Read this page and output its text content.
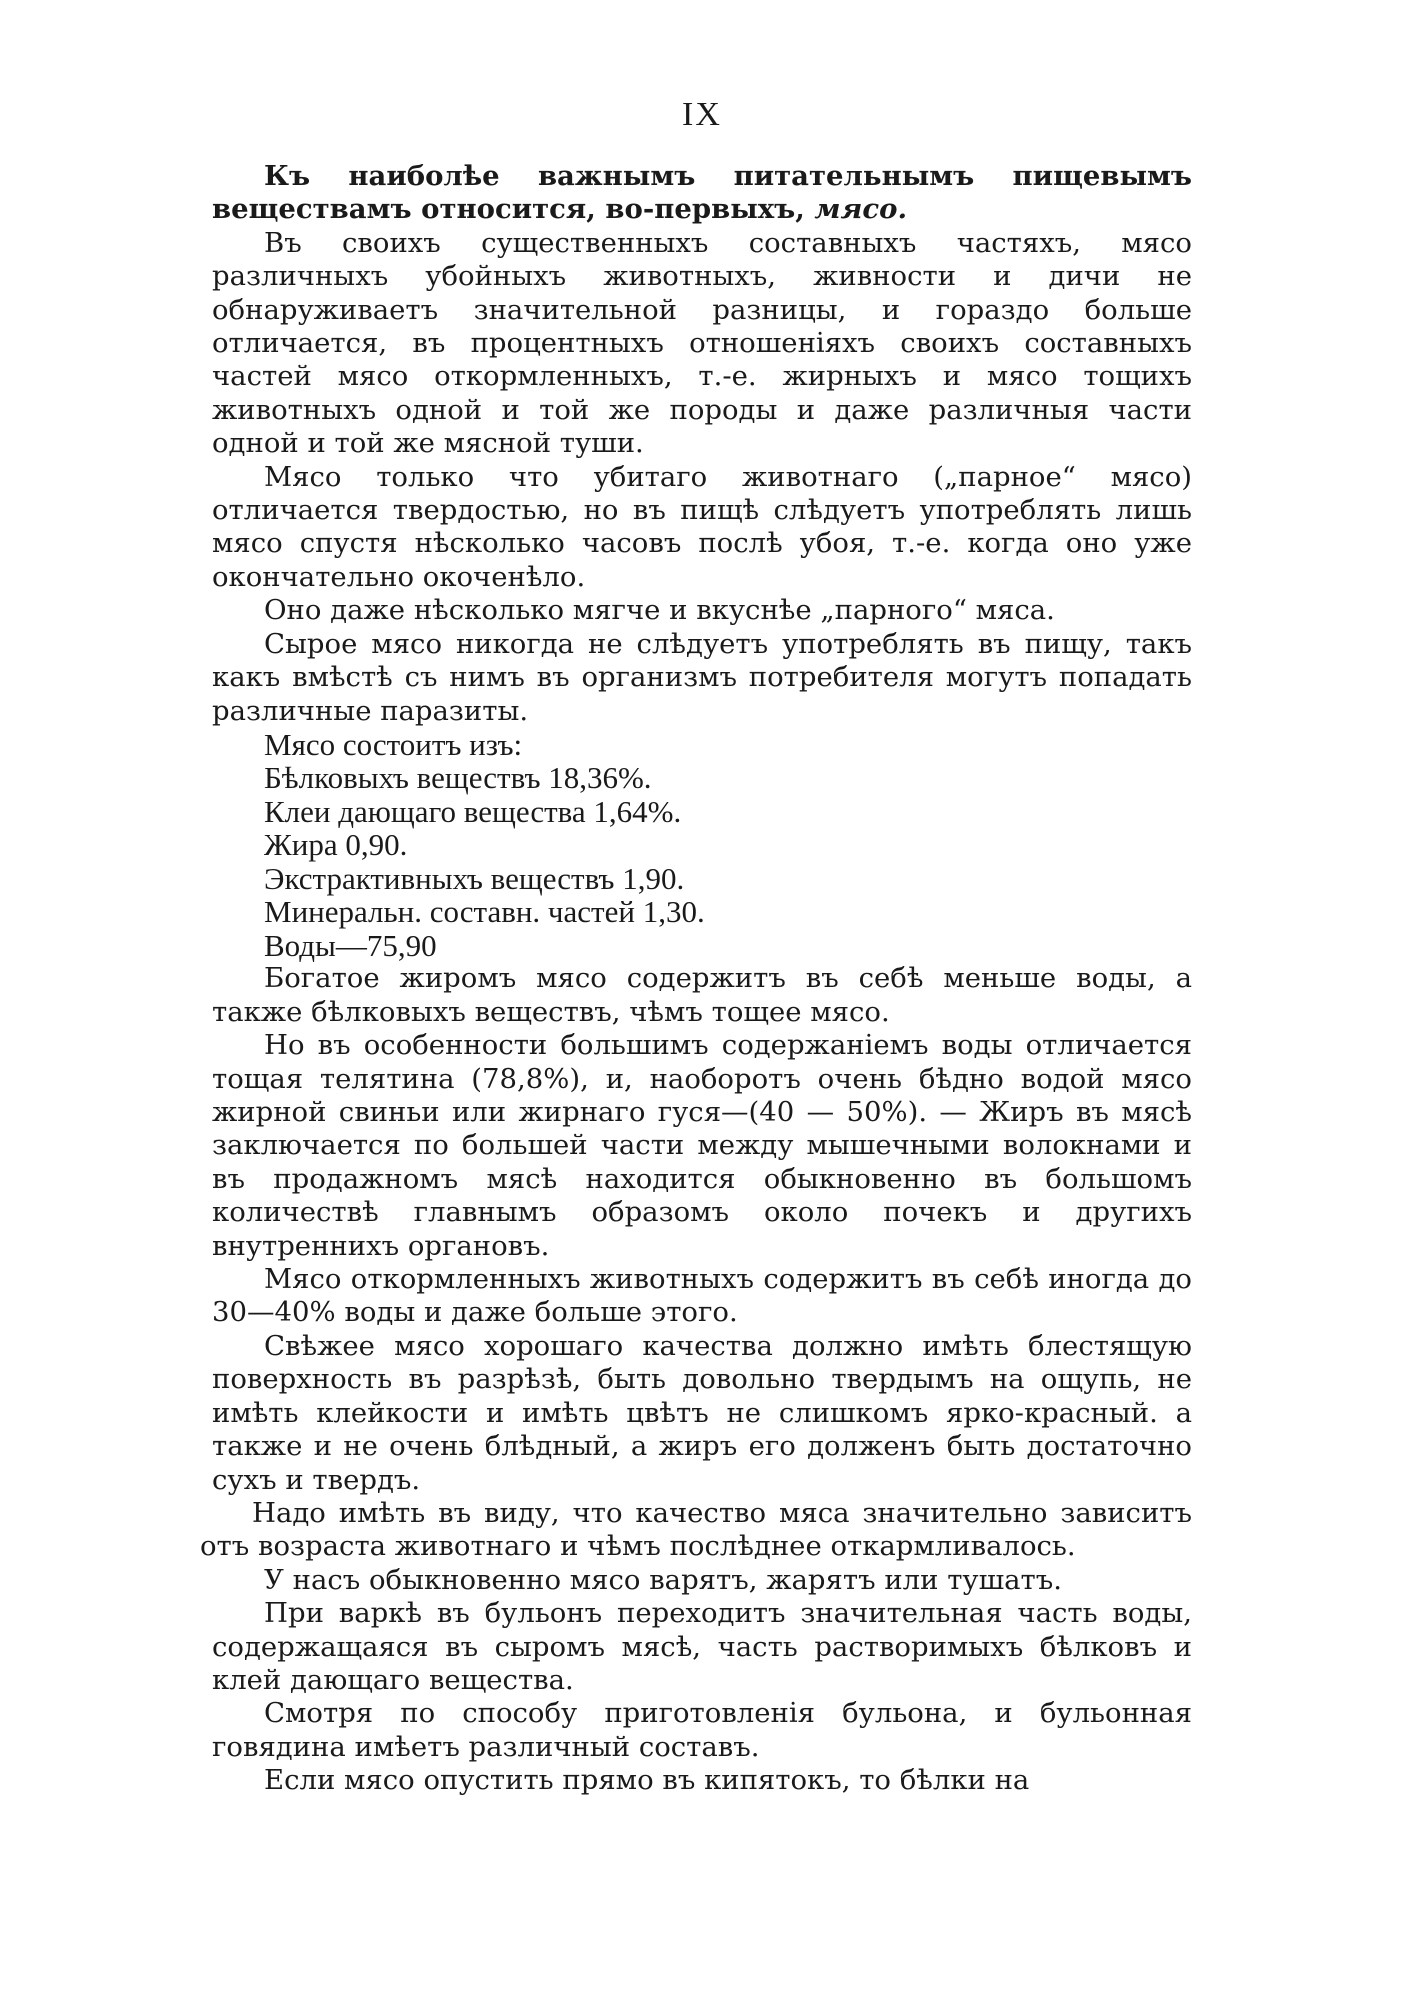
IX

Къ наиболѣе важнымъ питательнымъ пищевымъ веществамъ относится, во-первыхъ, мясо.

Въ своихъ существенныхъ составныхъ частяхъ, мясо различныхъ убойныхъ животныхъ, живности и дичи не обнаруживаетъ значительной разницы, и гораздо больше отличается, въ процентныхъ отношеніяхъ своихъ составныхъ частей мясо откормленныхъ, т.-е. жирныхъ и мясо тощихъ животныхъ одной и той же породы и даже различныя части одной и той же мясной туши.

Мясо только что убитаго животнаго („парное“ мясо) отличается твердостью, но въ пищѣ слѣдуетъ употреблять лишь мясо спустя нѣсколько часовъ послѣ убоя, т.-е. когда оно уже окончательно окоченѣло.

Оно даже нѣсколько мягче и вкуснѣе „парного“ мяса.

Сырое мясо никогда не слѣдуетъ употреблять въ пищу, такъ какъ вмѣстѣ съ нимъ въ организмъ потребителя могутъ попадать различные паразиты.

Мясо состоитъ изъ:
Бѣлковыхъ веществъ 18,36%.
Клеи дающаго вещества 1,64%.
Жира 0,90.
Экстрактивныхъ веществъ 1,90.
Минеральн. составн. частей 1,30.
Воды—75,90

Богатое жиромъ мясо содержитъ въ себѣ меньше воды, а также бѣлковыхъ веществъ, чѣмъ тощее мясо.

Но въ особенности большимъ содержаніемъ воды отличается тощая телятина (78,8%), и, наоборотъ очень бѣдно водой мясо жирной свиньи или жирнаго гуся—(40 — 50%). — Жиръ въ мясѣ заключается по большей части между мышечными волокнами и въ продажномъ мясѣ находится обыкновенно въ большомъ количествѣ главнымъ образомъ около почекъ и другихъ внутреннихъ органовъ.

Мясо откормленныхъ животныхъ содержитъ въ себѣ иногда до 30—40% воды и даже больше этого.

Свѣжее мясо хорошаго качества должно имѣть блестящую поверхность въ разрѣзѣ, быть довольно твердымъ на ощупь, не имѣть клейкости и имѣть цвѣтъ не слишкомъ ярко-красный. а также и не очень блѣдный, а жиръ его долженъ быть достаточно сухъ и твердъ.

Надо имѣть въ виду, что качество мяса значительно зависитъ отъ возраста животнаго и чѣмъ послѣднее откармливалось.

У насъ обыкновенно мясо варятъ, жарятъ или тушатъ.

При варкѣ въ бульонъ переходитъ значительная часть воды, содержащаяся въ сыромъ мясѣ, часть растворимыхъ бѣлковъ и клей дающаго вещества.

Смотря по способу приготовленія бульона, и бульонная говядина имѣетъ различный составъ.

Если мясо опустить прямо въ кипятокъ, то бѣлки на
